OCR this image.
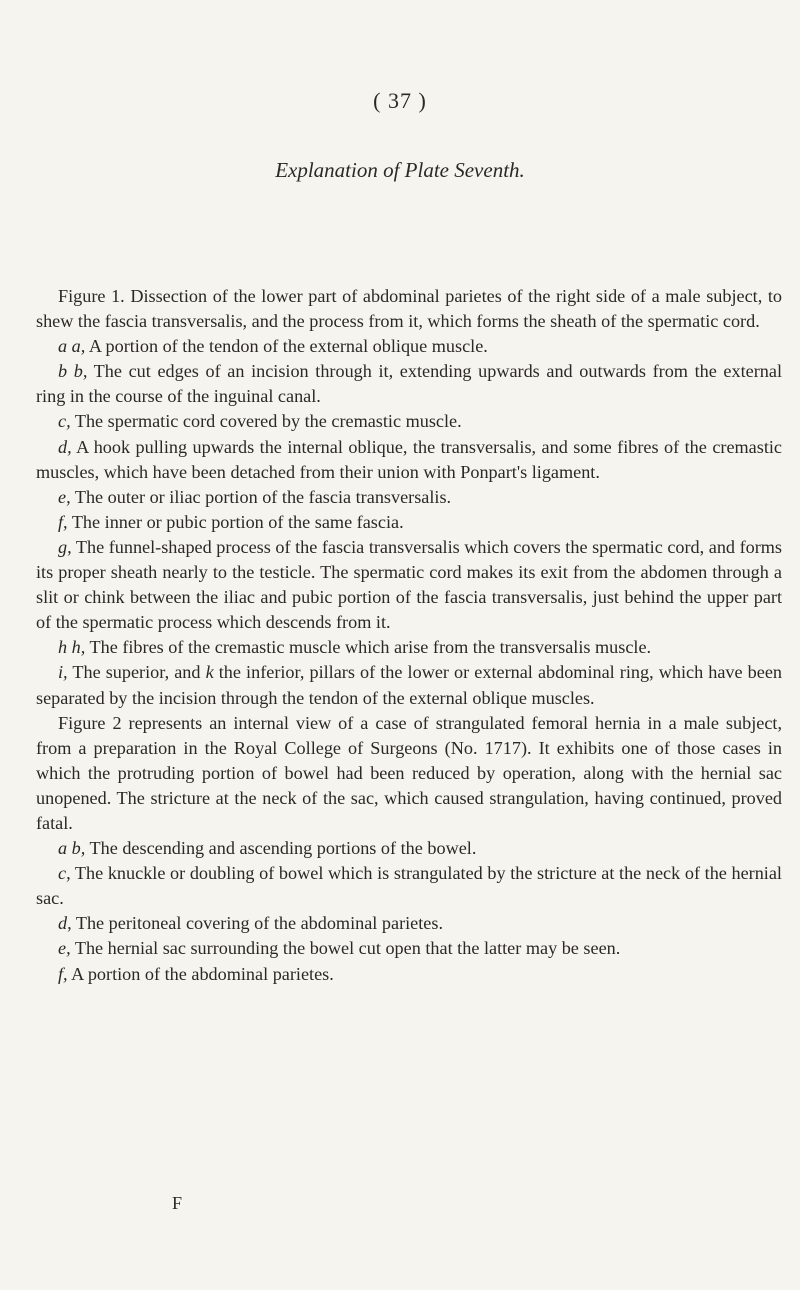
( 37 )
Explanation of Plate Seventh.

Figure 1. Dissection of the lower part of abdominal parietes of the right side of a male subject, to shew the fascia transversalis, and the process from it, which forms the sheath of the spermatic cord.

a a, A portion of the tendon of the external oblique muscle.

b b, The cut edges of an incision through it, extending upwards and outwards from the external ring in the course of the inguinal canal.

c, The spermatic cord covered by the cremastic muscle.

d, A hook pulling upwards the internal oblique, the transversalis, and some fibres of the cremastic muscles, which have been detached from their union with Ponpart's ligament.

e, The outer or iliac portion of the fascia transversalis.

f, The inner or pubic portion of the same fascia.

g, The funnel-shaped process of the fascia transversalis which covers the spermatic cord, and forms its proper sheath nearly to the testicle. The spermatic cord makes its exit from the abdomen through a slit or chink between the iliac and pubic portion of the fascia transversalis, just behind the upper part of the spermatic process which descends from it.

h h, The fibres of the cremastic muscle which arise from the transversalis muscle.

i, The superior, and k the inferior, pillars of the lower or external abdominal ring, which have been separated by the incision through the tendon of the external oblique muscles.

Figure 2 represents an internal view of a case of strangulated femoral hernia in a male subject, from a preparation in the Royal College of Surgeons (No. 1717). It exhibits one of those cases in which the protruding portion of bowel had been reduced by operation, along with the hernial sac unopened. The stricture at the neck of the sac, which caused strangulation, having continued, proved fatal.

a b, The descending and ascending portions of the bowel.

c, The knuckle or doubling of bowel which is strangulated by the stricture at the neck of the hernial sac.

d, The peritoneal covering of the abdominal parietes.

e, The hernial sac surrounding the bowel cut open that the latter may be seen.

f, A portion of the abdominal parietes.

F
